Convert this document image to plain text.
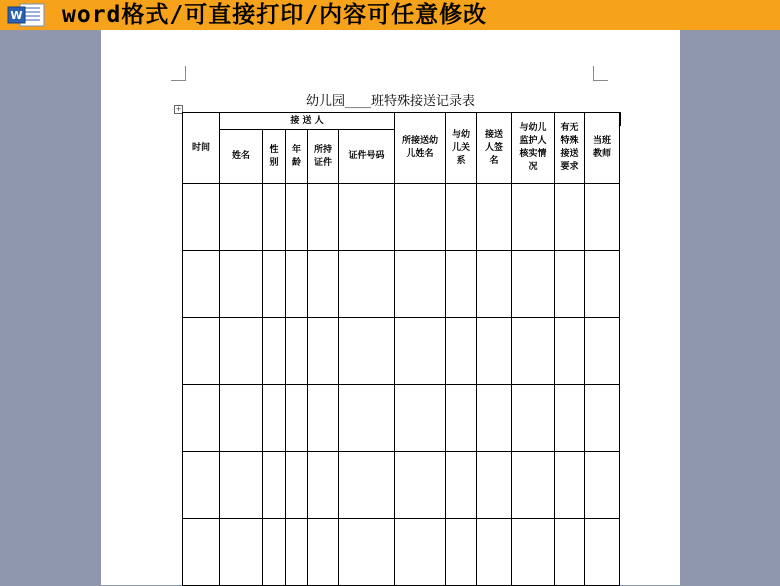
W word格式/可直接打印/内容可任意修改
幼儿园____班特殊接送记录表
+
时间	接 送 人					所接送幼儿姓名	与幼儿关系	接送人签名	与幼儿监护人核实情况	有无特殊接送要求	当班教师
	姓名	性别	年龄	所持证件	证件号码						
